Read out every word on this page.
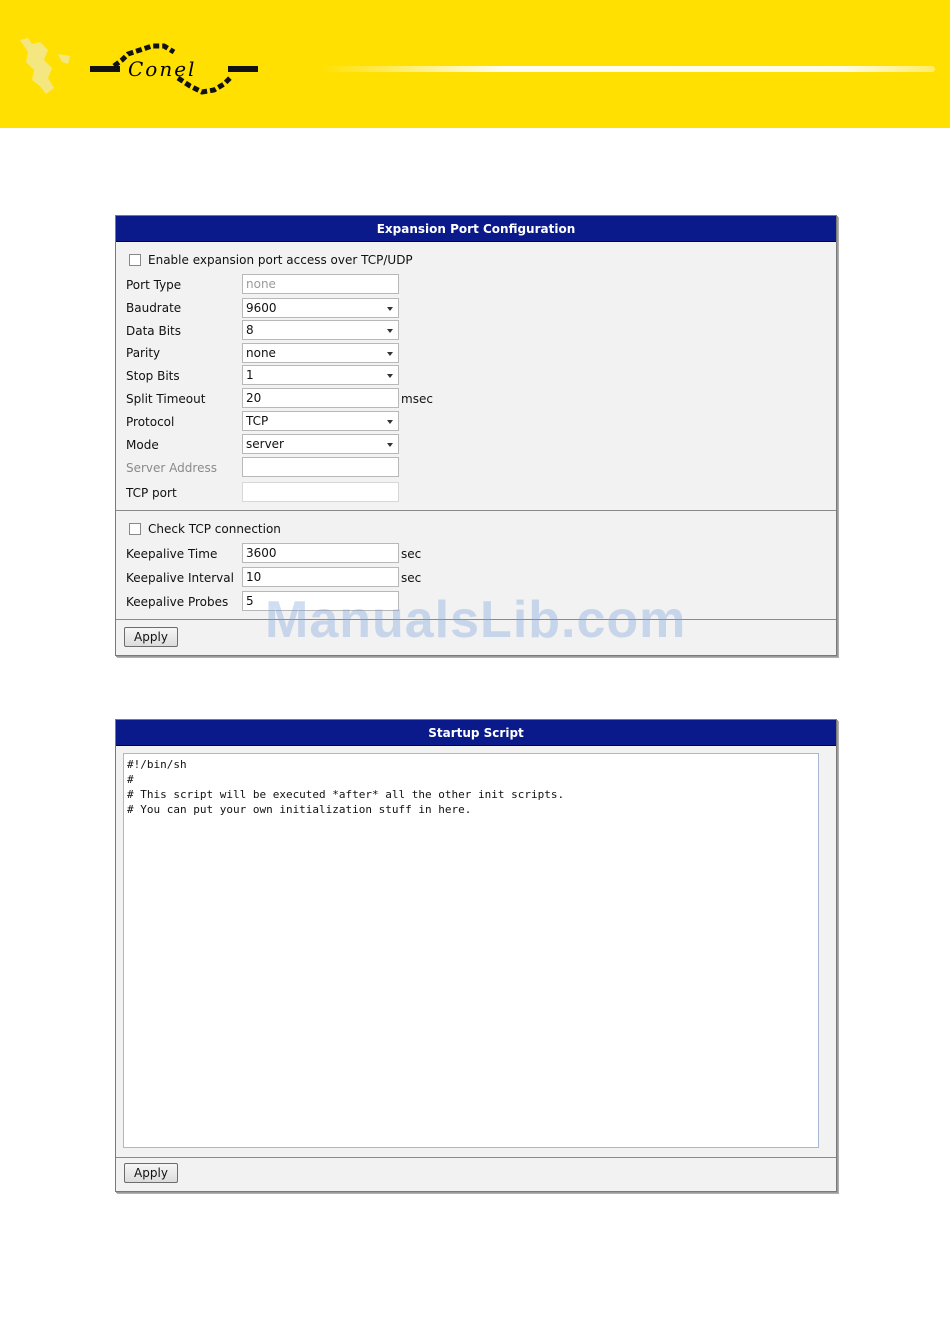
Conel
Expansion Port Configuration
Enable expansion port access over TCP/UDP
Port Type	none
Baudrate	9600
Data Bits	8
Parity	none
Stop Bits	1
Split Timeout	20	msec
Protocol	TCP
Mode	server
Server Address
TCP port
Check TCP connection
Keepalive Time	3600	sec
Keepalive Interval	10	sec
Keepalive Probes	5
Apply
Startup Script
#!/bin/sh
#
# This script will be executed *after* all the other init scripts.
# You can put your own initialization stuff in here.
Apply
ManualsLib.com
